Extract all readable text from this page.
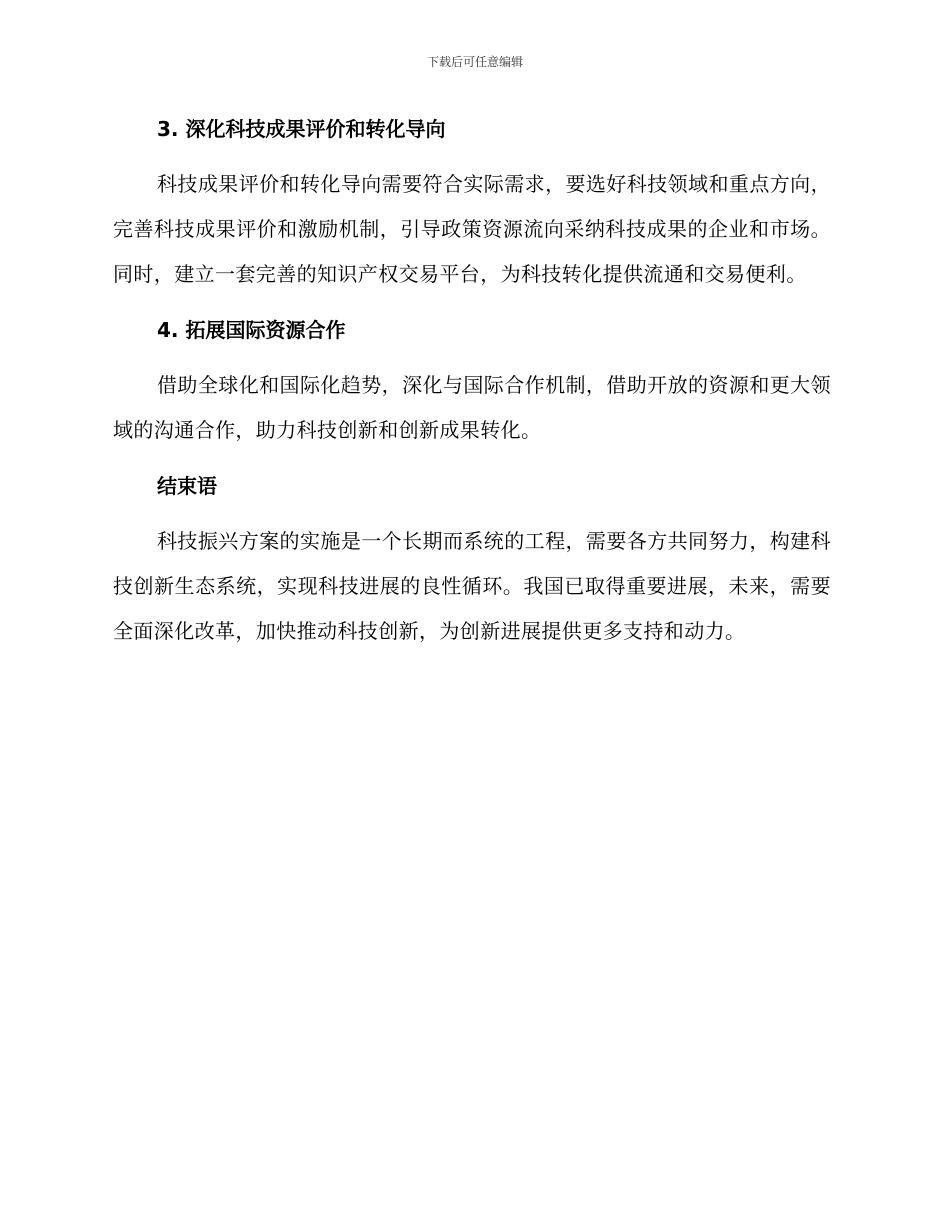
下载后可任意编辑
3. 深化科技成果评价和转化导向

科技成果评价和转化导向需要符合实际需求，要选好科技领域和重点方向，完善科技成果评价和激励机制，引导政策资源流向采纳科技成果的企业和市场。同时，建立一套完善的知识产权交易平台，为科技转化提供流通和交易便利。

4. 拓展国际资源合作

借助全球化和国际化趋势，深化与国际合作机制，借助开放的资源和更大领域的沟通合作，助力科技创新和创新成果转化。

结束语

科技振兴方案的实施是一个长期而系统的工程，需要各方共同努力，构建科技创新生态系统，实现科技进展的良性循环。我国已取得重要进展，未来，需要全面深化改革，加快推动科技创新，为创新进展提供更多支持和动力。
